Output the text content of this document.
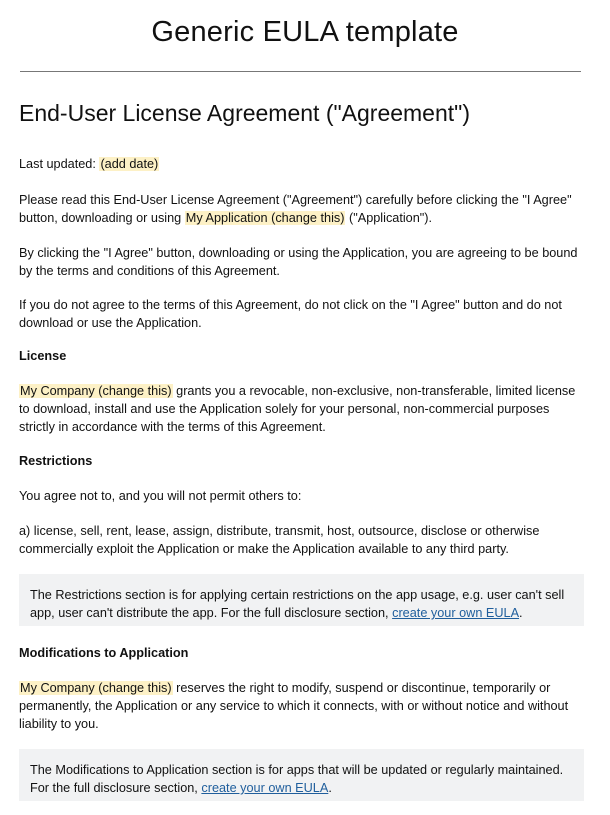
Generic EULA template
End-User License Agreement ("Agreement")
Last updated: (add date)
Please read this End-User License Agreement ("Agreement") carefully before clicking the "I Agree"
button, downloading or using My Application (change this) ("Application").
By clicking the "I Agree" button, downloading or using the Application, you are agreeing to be bound
by the terms and conditions of this Agreement.
If you do not agree to the terms of this Agreement, do not click on the "I Agree" button and do not
download or use the Application.
License
My Company (change this) grants you a revocable, non-exclusive, non-transferable, limited license
to download, install and use the Application solely for your personal, non-commercial purposes
strictly in accordance with the terms of this Agreement.
Restrictions
You agree not to, and you will not permit others to:
a) license, sell, rent, lease, assign, distribute, transmit, host, outsource, disclose or otherwise
commercially exploit the Application or make the Application available to any third party.
The Restrictions section is for applying certain restrictions on the app usage, e.g. user can't sell
app, user can't distribute the app. For the full disclosure section, create your own EULA.
Modifications to Application
My Company (change this) reserves the right to modify, suspend or discontinue, temporarily or
permanently, the Application or any service to which it connects, with or without notice and without
liability to you.
The Modifications to Application section is for apps that will be updated or regularly maintained.
For the full disclosure section, create your own EULA.
